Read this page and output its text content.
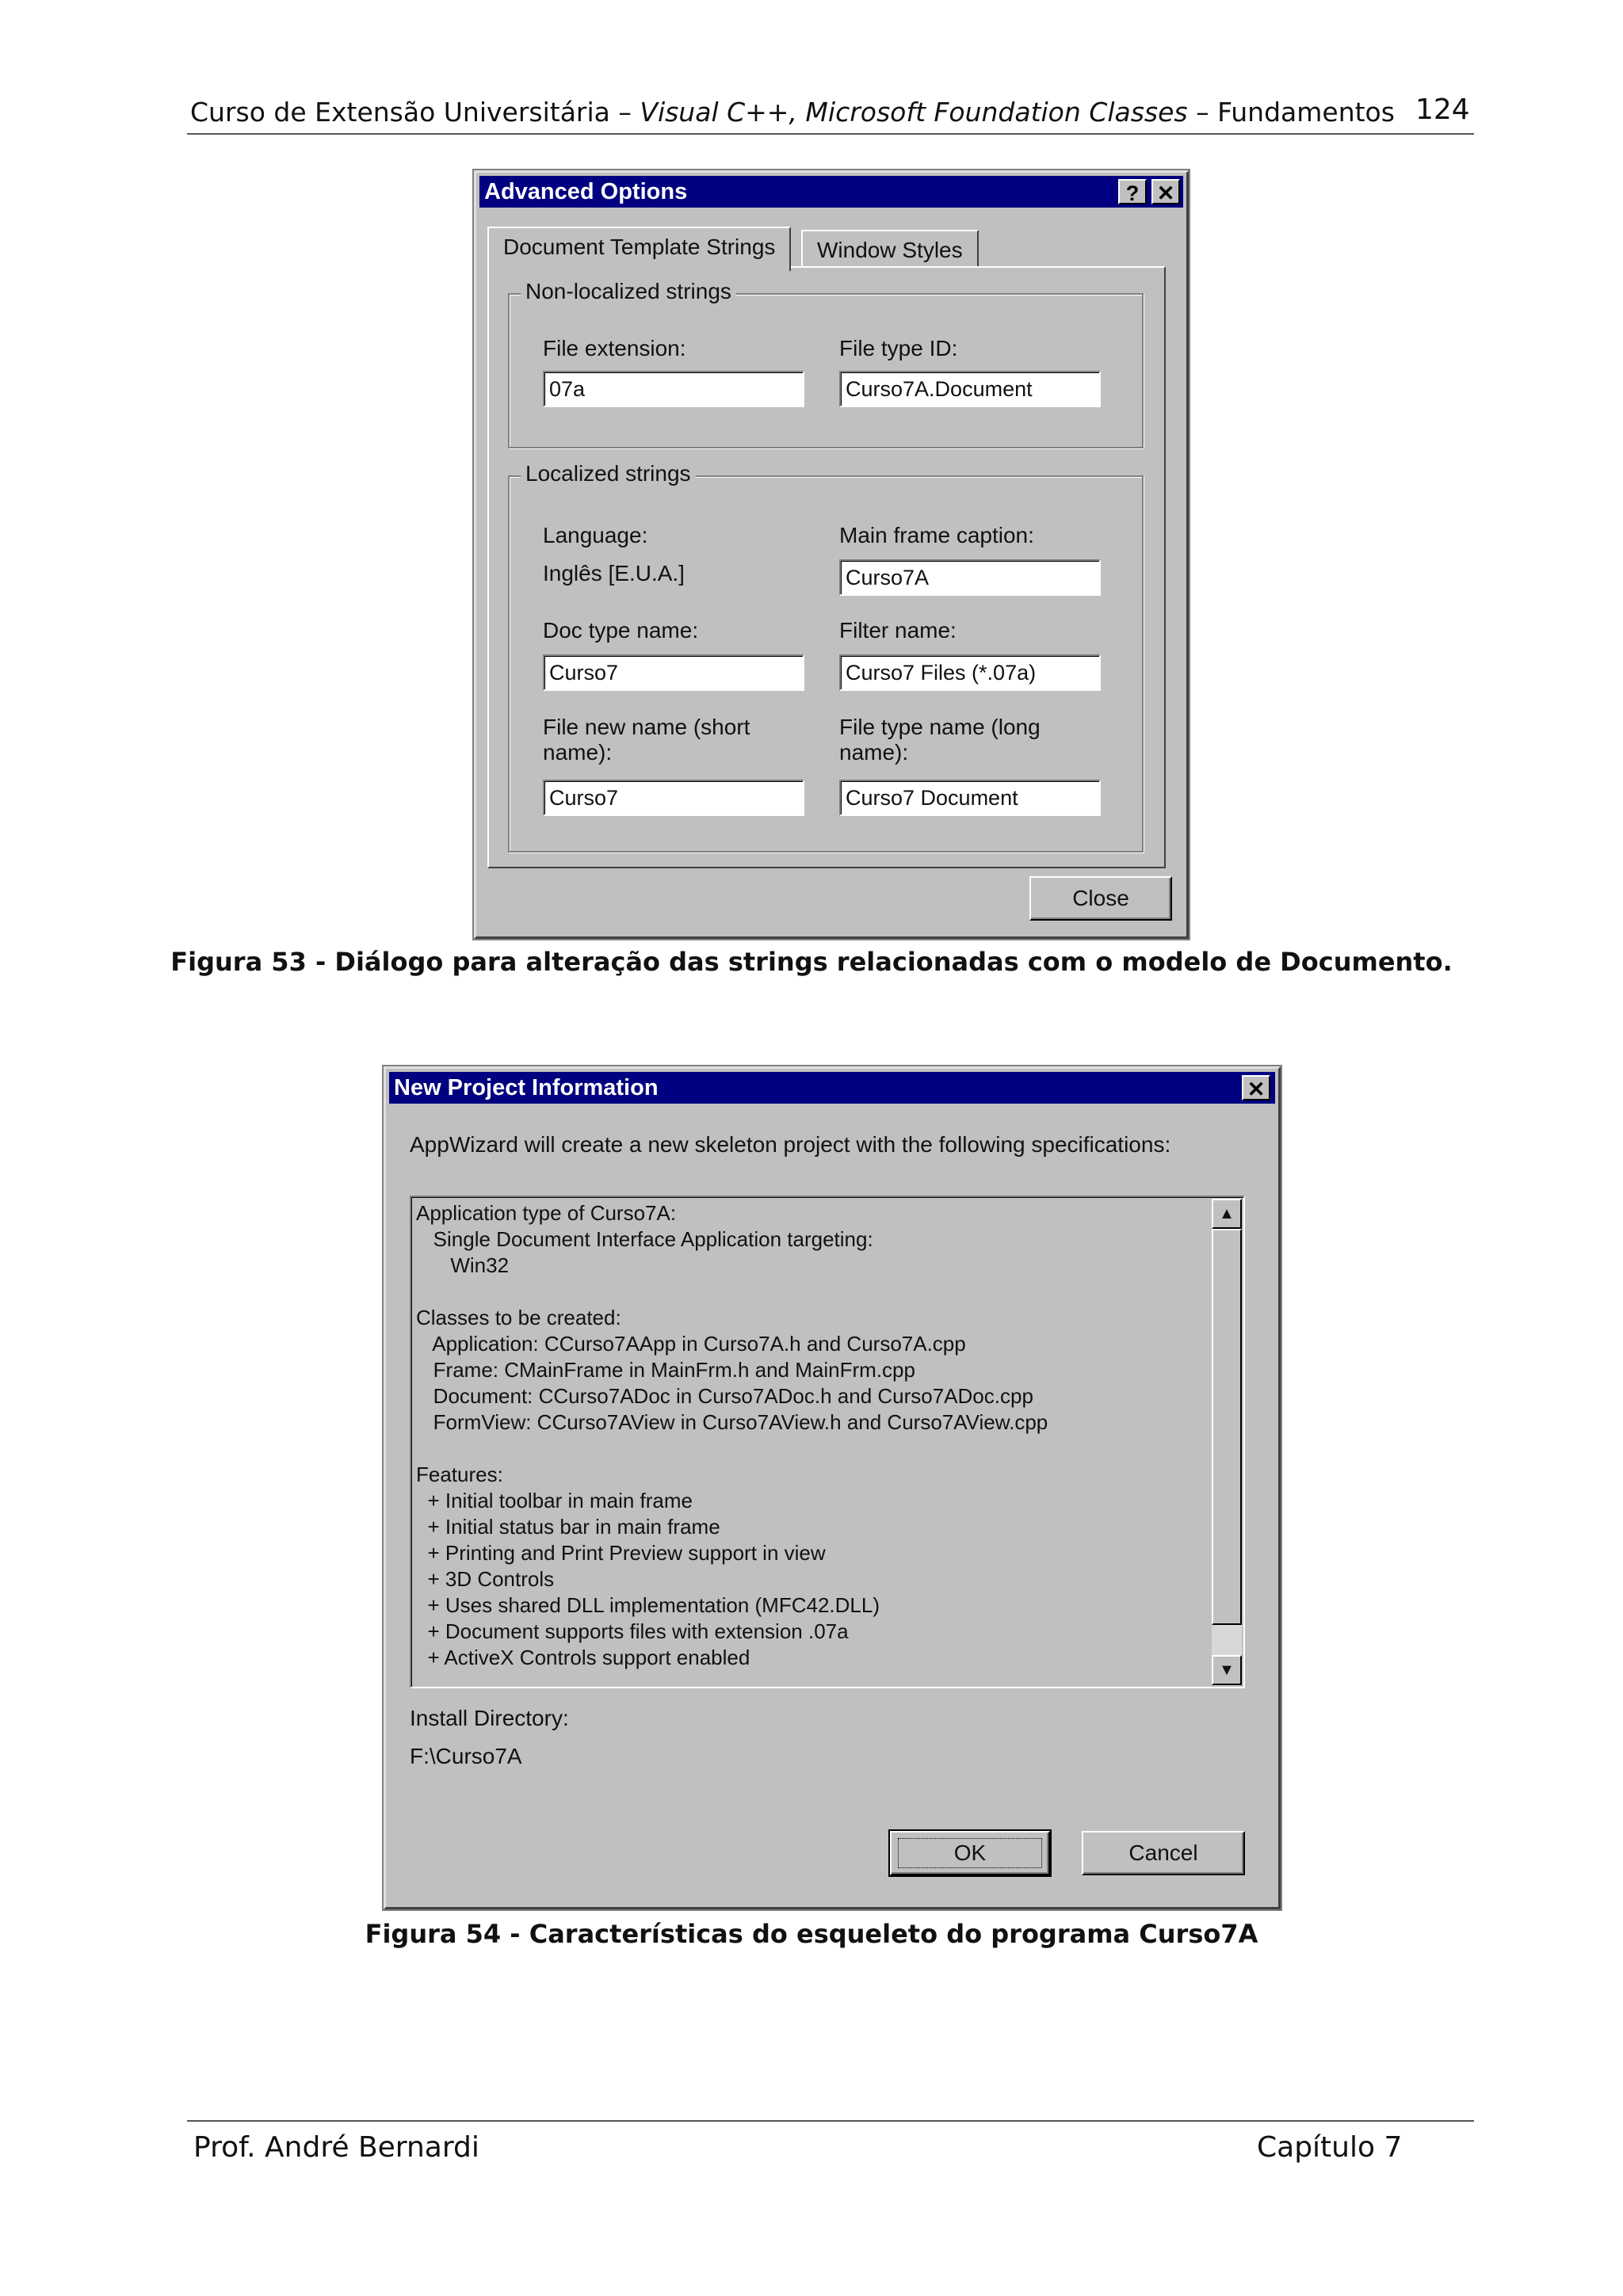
Curso de Extensão Universitária – Visual C++, Microsoft Foundation Classes – Fundamentos 124
Advanced Options	? ✕
Document Template Strings	Window Styles
Non-localized strings
File extension:
07a
File type ID:
Curso7A.Document
Localized strings
Language:
Inglês [E.U.A.]
Main frame caption:
Curso7A
Doc type name:
Curso7
Filter name:
Curso7 Files (*.07a)
File new name (short
name):
Curso7
File type name (long
name):
Curso7 Document
Close
Figura 53 - Diálogo para alteração das strings relacionadas com o modelo de Documento.
New Project Information	✕
AppWizard will create a new skeleton project with the following specifications:
Application type of Curso7A:
Single Document Interface Application targeting:
Win32
Classes to be created:
Application: CCurso7AApp in Curso7A.h and Curso7A.cpp
Frame: CMainFrame in MainFrm.h and MainFrm.cpp
Document: CCurso7ADoc in Curso7ADoc.h and Curso7ADoc.cpp
FormView: CCurso7AView in Curso7AView.h and Curso7AView.cpp
Features:
+ Initial toolbar in main frame
+ Initial status bar in main frame
+ Printing and Print Preview support in view
+ 3D Controls
+ Uses shared DLL implementation (MFC42.DLL)
+ Document supports files with extension .07a
+ ActiveX Controls support enabled
▲
▼
Install Directory:
F:\Curso7A
OK	Cancel
Figura 54 - Características do esqueleto do programa Curso7A
Prof. André Bernardi	Capítulo 7
